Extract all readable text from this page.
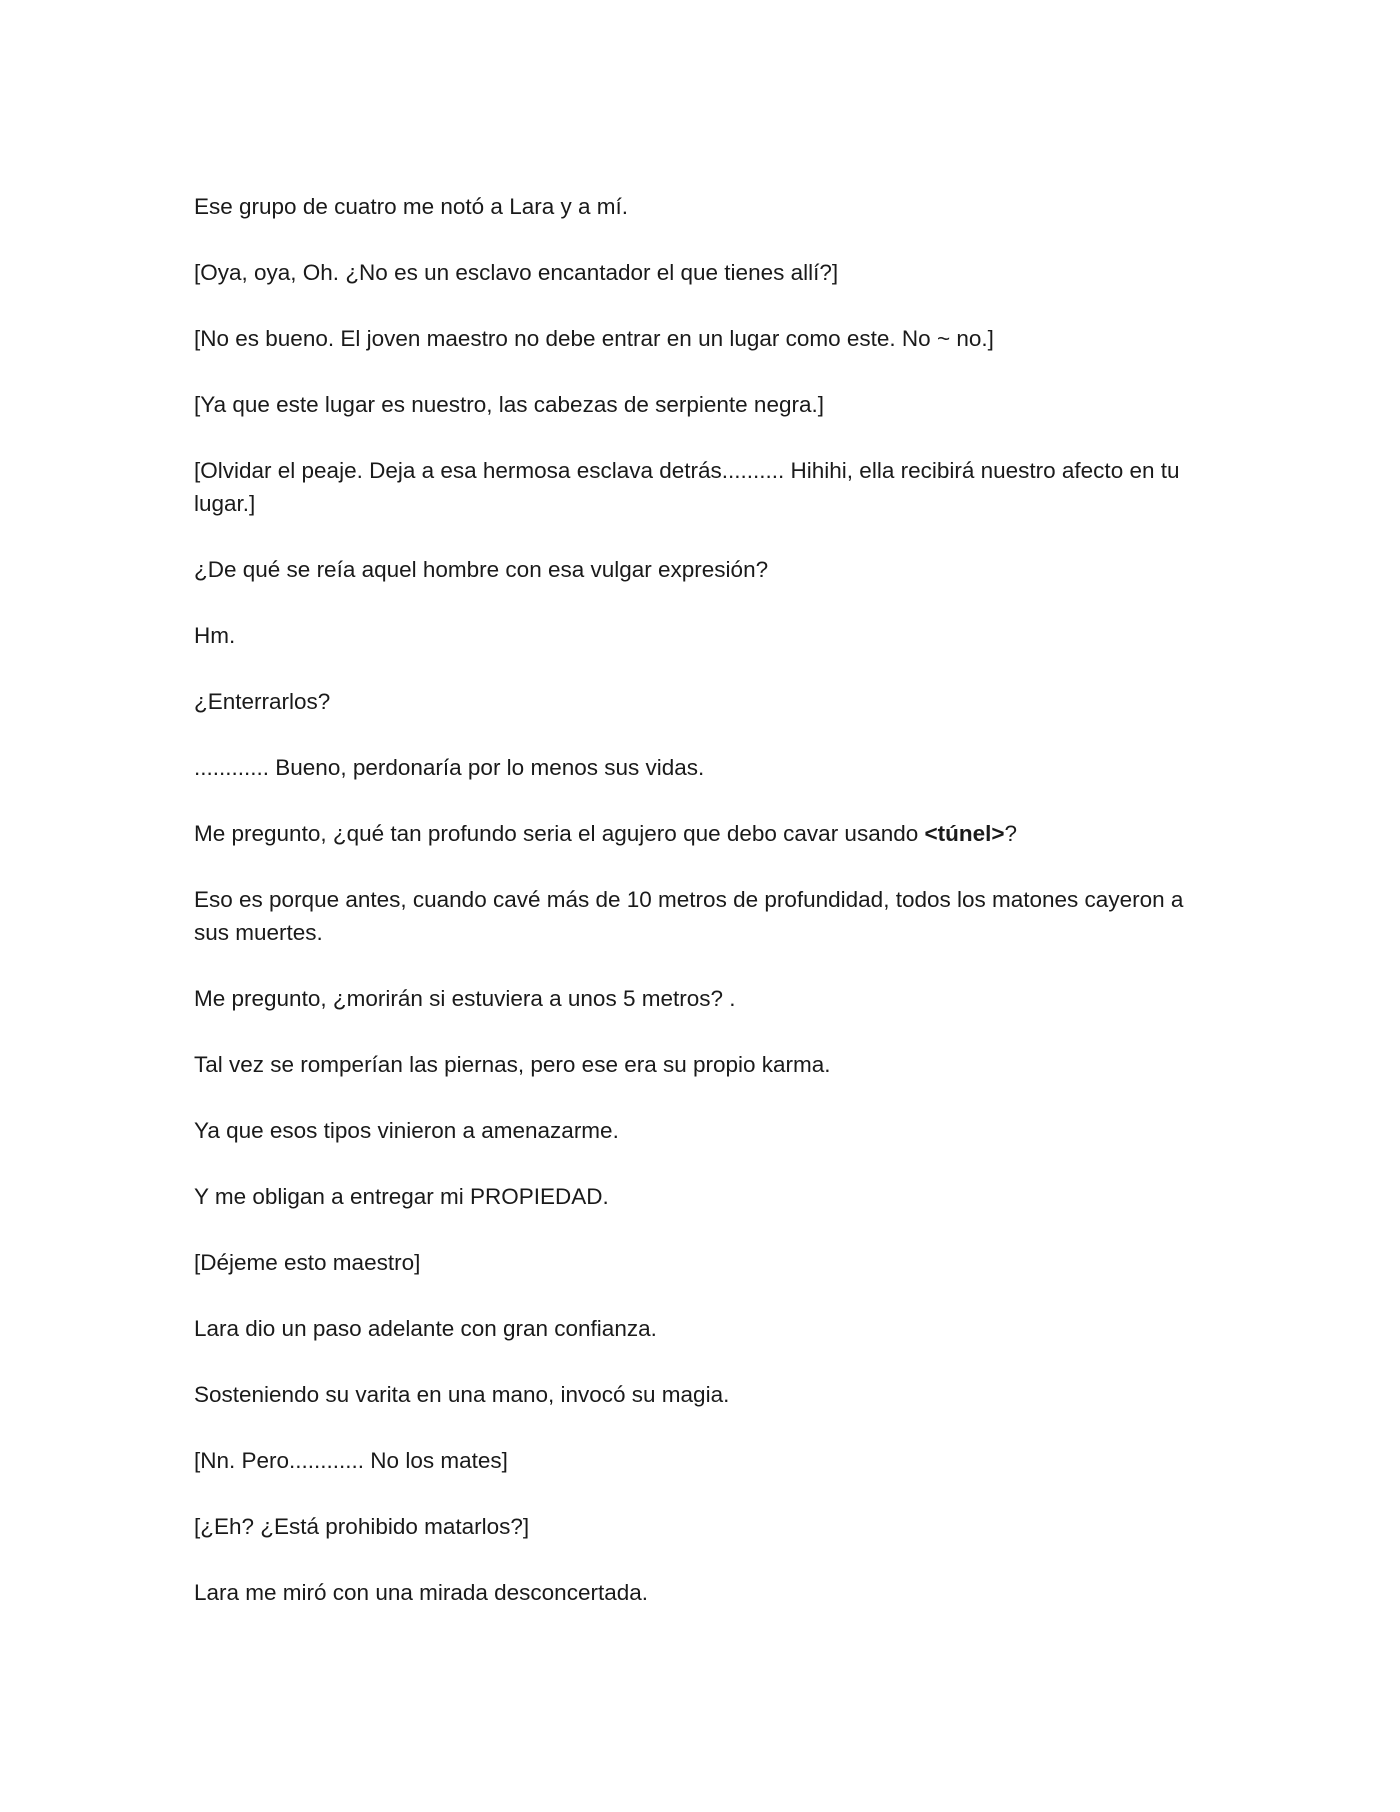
Ese grupo de cuatro me notó a Lara y a mí.

[Oya, oya, Oh. ¿No es un esclavo encantador el que tienes allí?]

[No es bueno. El joven maestro no debe entrar en un lugar como este. No ~ no.]

[Ya que este lugar es nuestro, las cabezas de serpiente negra.]

[Olvidar el peaje. Deja a esa hermosa esclava detrás.......... Hihihi, ella recibirá nuestro afecto en tu lugar.]

¿De qué se reía aquel hombre con esa vulgar expresión?

Hm.

¿Enterrarlos?

............ Bueno, perdonaría por lo menos sus vidas.

Me pregunto, ¿qué tan profundo seria el agujero que debo cavar usando <túnel>?

Eso es porque antes, cuando cavé más de 10 metros de profundidad, todos los matones cayeron a sus muertes.

Me pregunto, ¿morirán si estuviera a unos 5 metros? .

Tal vez se romperían las piernas, pero ese era su propio karma.

Ya que esos tipos vinieron a amenazarme.

Y me obligan a entregar mi PROPIEDAD.

[Déjeme esto maestro]

Lara dio un paso adelante con gran confianza.

Sosteniendo su varita en una mano, invocó su magia.

[Nn. Pero............ No los mates]

[¿Eh? ¿Está prohibido matarlos?]

Lara me miró con una mirada desconcertada.
